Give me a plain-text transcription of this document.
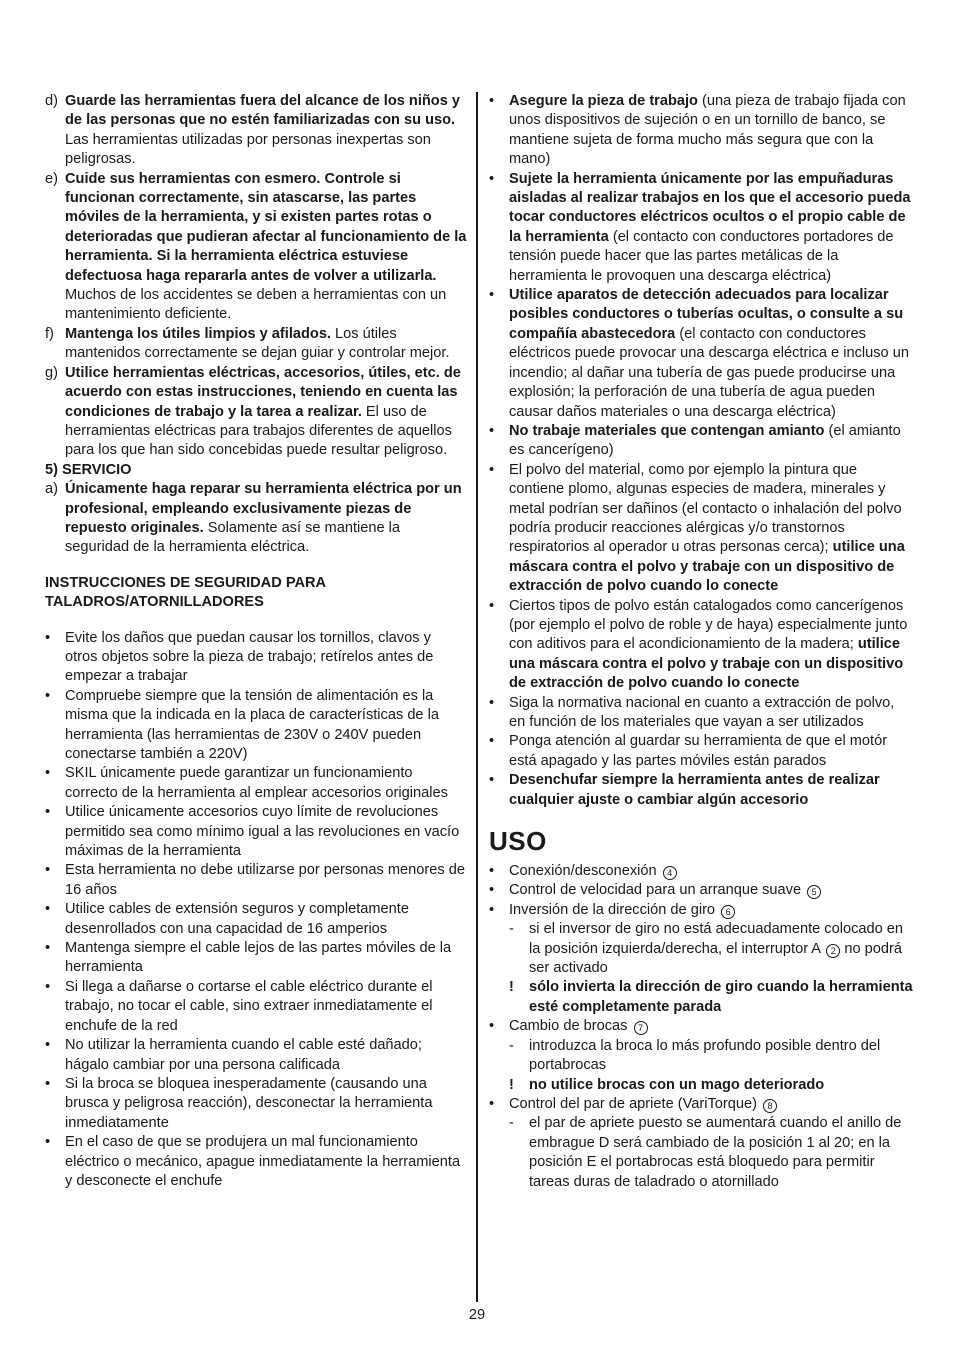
d) Guarde las herramientas fuera del alcance de los niños y de las personas que no estén familiarizadas con su uso. Las herramientas utilizadas por personas inexpertas son peligrosas.
e) Cuide sus herramientas con esmero. Controle si funcionan correctamente, sin atascarse, las partes móviles de la herramienta, y si existen partes rotas o deterioradas que pudieran afectar al funcionamiento de la herramienta. Si la herramienta eléctrica estuviese defectuosa haga repararla antes de volver a utilizarla. Muchos de los accidentes se deben a herramientas con un mantenimiento deficiente.
f) Mantenga los útiles limpios y afilados. Los útiles mantenidos correctamente se dejan guiar y controlar mejor.
g) Utilice herramientas eléctricas, accesorios, útiles, etc. de acuerdo con estas instrucciones, teniendo en cuenta las condiciones de trabajo y la tarea a realizar. El uso de herramientas eléctricas para trabajos diferentes de aquellos para los que han sido concebidas puede resultar peligroso.
5) SERVICIO
a) Únicamente haga reparar su herramienta eléctrica por un profesional, empleando exclusivamente piezas de repuesto originales. Solamente así se mantiene la seguridad de la herramienta eléctrica.
INSTRUCCIONES DE SEGURIDAD PARA
TALADROS/ATORNILLADORES
• Evite los daños que puedan causar los tornillos, clavos y otros objetos sobre la pieza de trabajo; retírelos antes de empezar a trabajar
• Compruebe siempre que la tensión de alimentación es la misma que la indicada en la placa de características de la herramienta (las herramientas de 230V o 240V pueden conectarse también a 220V)
• SKIL únicamente puede garantizar un funcionamiento correcto de la herramienta al emplear accesorios originales
• Utilice únicamente accesorios cuyo límite de revoluciones permitido sea como mínimo igual a las revoluciones en vacío máximas de la herramienta
• Esta herramienta no debe utilizarse por personas menores de 16 años
• Utilice cables de extensión seguros y completamente desenrollados con una capacidad de 16 amperios
• Mantenga siempre el cable lejos de las partes móviles de la herramienta
• Si llega a dañarse o cortarse el cable eléctrico durante el trabajo, no tocar el cable, sino extraer inmediatamente el enchufe de la red
• No utilizar la herramienta cuando el cable esté dañado; hágalo cambiar por una persona calificada
• Si la broca se bloquea inesperadamente (causando una brusca y peligrosa reacción), desconectar la herramienta inmediatamente
• En el caso de que se produjera un mal funcionamiento eléctrico o mecánico, apague inmediatamente la herramienta y desconecte el enchufe
• Asegure la pieza de trabajo (una pieza de trabajo fijada con unos dispositivos de sujeción o en un tornillo de banco, se mantiene sujeta de forma mucho más segura que con la mano)
• Sujete la herramienta únicamente por las empuñaduras aisladas al realizar trabajos en los que el accesorio pueda tocar conductores eléctricos ocultos o el propio cable de la herramienta (el contacto con conductores portadores de tensión puede hacer que las partes metálicas de la herramienta le provoquen una descarga eléctrica)
• Utilice aparatos de detección adecuados para localizar posibles conductores o tuberías ocultas, o consulte a su compañía abastecedora (el contacto con conductores eléctricos puede provocar una descarga eléctrica e incluso un incendio; al dañar una tubería de gas puede producirse una explosión; la perforación de una tubería de agua pueden causar daños materiales o una descarga eléctrica)
• No trabaje materiales que contengan amianto (el amianto es cancerígeno)
• El polvo del material, como por ejemplo la pintura que contiene plomo, algunas especies de madera, minerales y metal podrían ser dañinos (el contacto o inhalación del polvo podría producir reacciones alérgicas y/o transtornos respiratorios al operador u otras personas cerca); utilice una máscara contra el polvo y trabaje con un dispositivo de extracción de polvo cuando lo conecte
• Ciertos tipos de polvo están catalogados como cancerígenos (por ejemplo el polvo de roble y de haya) especialmente junto con aditivos para el acondicionamiento de la madera; utilice una máscara contra el polvo y trabaje con un dispositivo de extracción de polvo cuando lo conecte
• Siga la normativa nacional en cuanto a extracción de polvo, en función de los materiales que vayan a ser utilizados
• Ponga atención al guardar su herramienta de que el motór está apagado y las partes móviles están parados
• Desenchufar siempre la herramienta antes de realizar cualquier ajuste o cambiar algún accesorio
USO
• Conexión/desconexión 4
• Control de velocidad para un arranque suave 5
• Inversión de la dirección de giro 6
- si el inversor de giro no está adecuadamente colocado en la posición izquierda/derecha, el interruptor A 2 no podrá ser activado
! sólo invierta la dirección de giro cuando la herramienta esté completamente parada
• Cambio de brocas 7
- introduzca la broca lo más profundo posible dentro del portabrocas
! no utilice brocas con un mago deteriorado
• Control del par de apriete (VariTorque) 8
- el par de apriete puesto se aumentará cuando el anillo de embrague D será cambiado de la posición 1 al 20; en la posición E el portabrocas está bloquedo para permitir tareas duras de taladrado o atornillado
29
